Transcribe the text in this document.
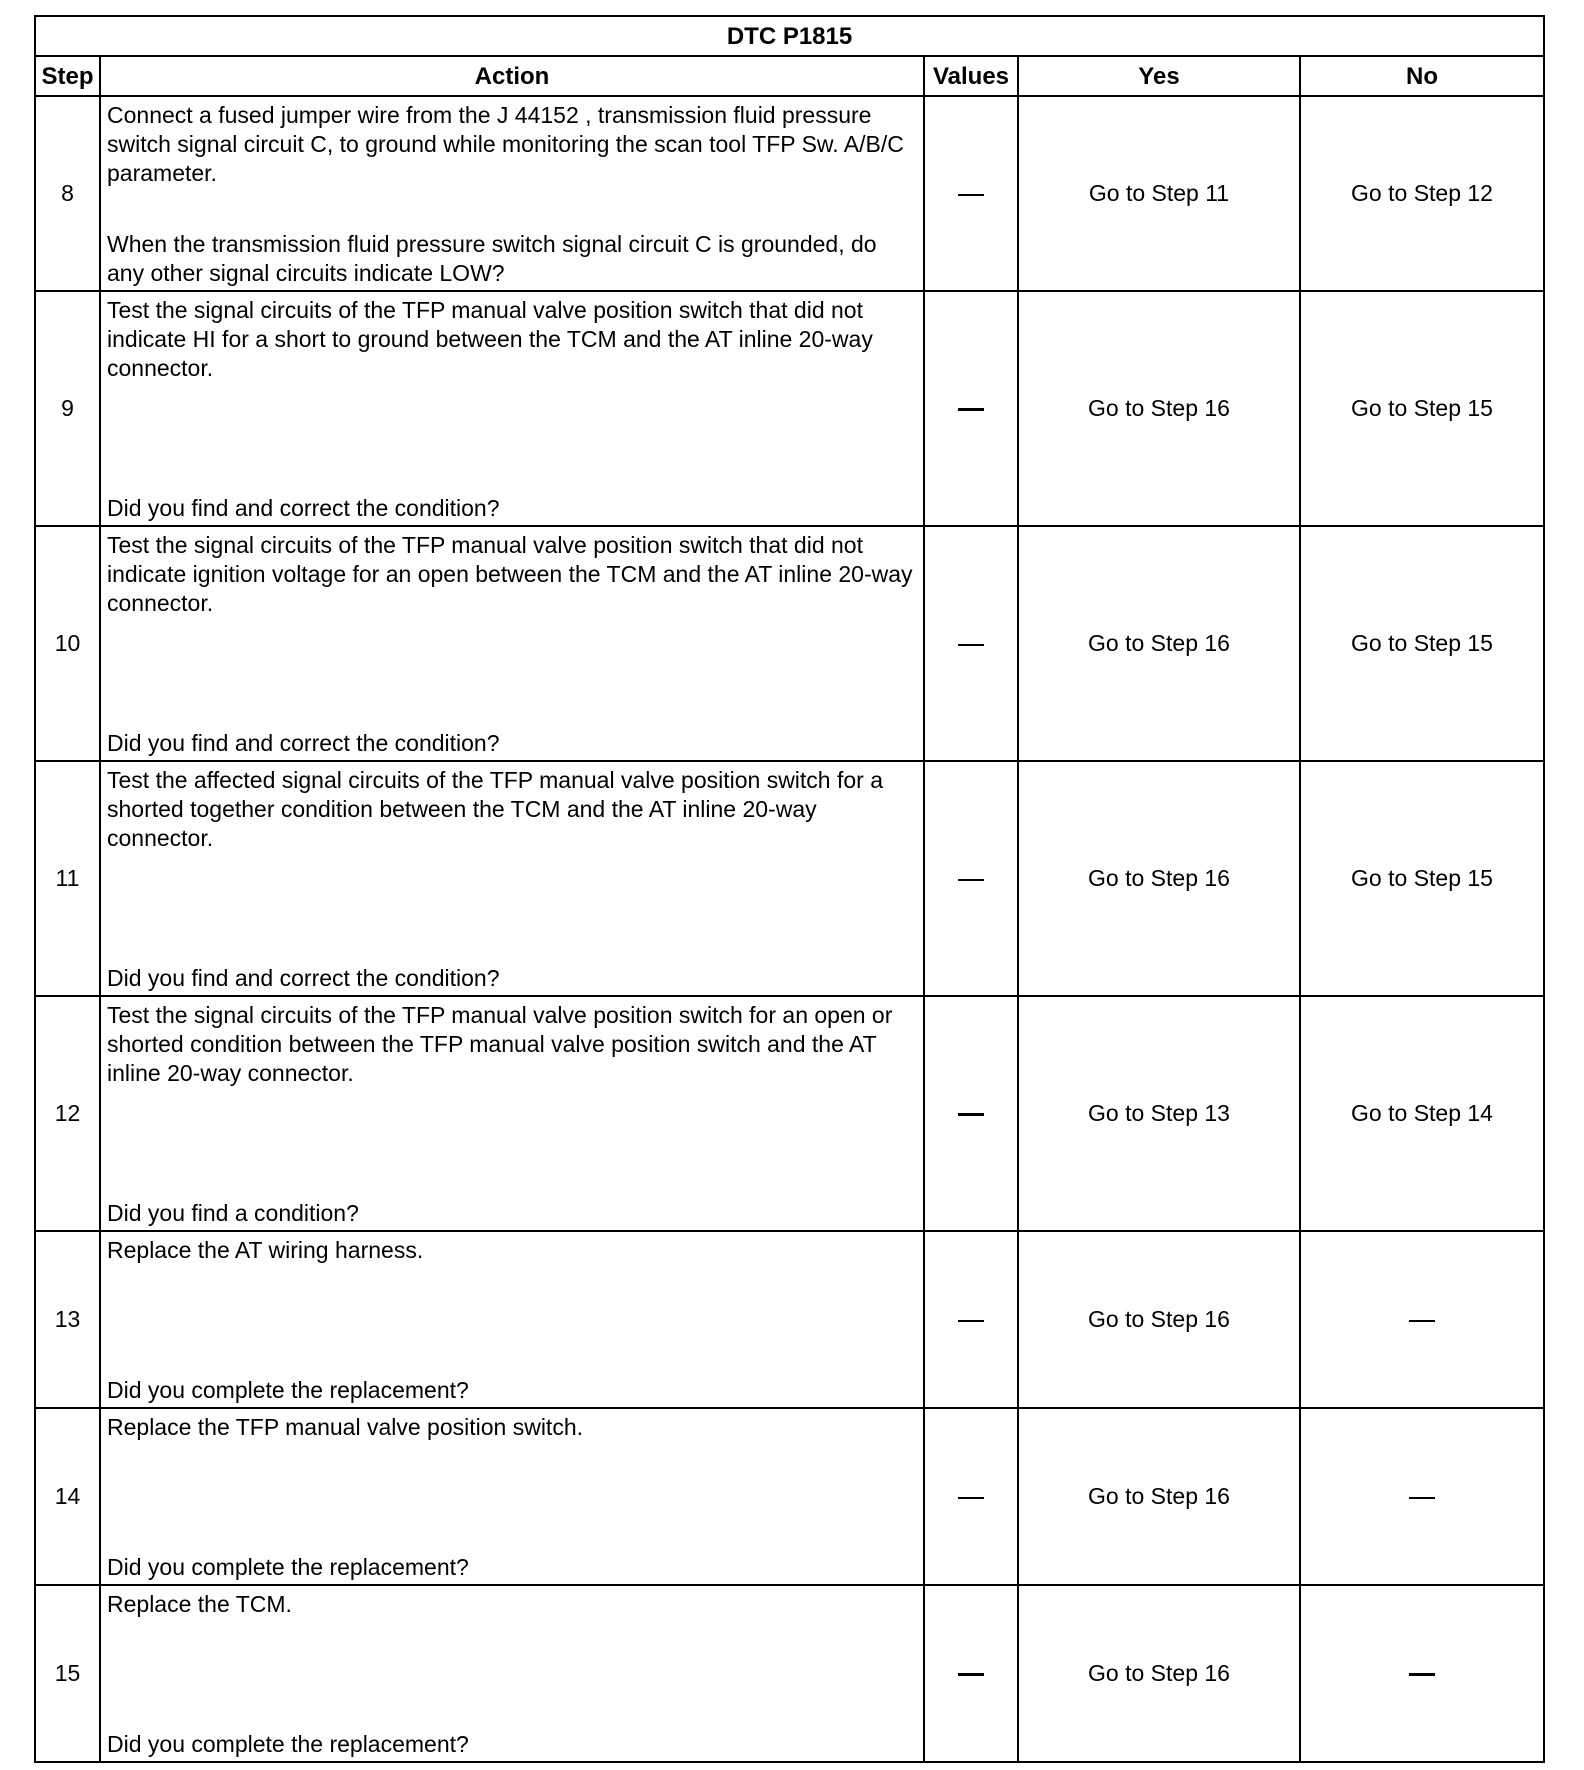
DTC P1815				
Step	Action	Values	Yes	No
8	Connect a fused jumper wire from the J 44152 , transmission fluid pressure switch signal circuit C, to ground while monitoring the scan tool TFP Sw. A/B/C parameter.

When the transmission fluid pressure switch signal circuit C is grounded, do any other signal circuits indicate LOW?		Go to Step 11	Go to Step 12
9	Test the signal circuits of the TFP manual valve position switch that did not indicate HI for a short to ground between the TCM and the AT inline 20-way connector.

Did you find and correct the condition?		Go to Step 16	Go to Step 15
10	Test the signal circuits of the TFP manual valve position switch that did not indicate ignition voltage for an open between the TCM and the AT inline 20-way connector.

Did you find and correct the condition?		Go to Step 16	Go to Step 15
11	Test the affected signal circuits of the TFP manual valve position switch for a shorted together condition between the TCM and the AT inline 20-way connector.

Did you find and correct the condition?		Go to Step 16	Go to Step 15
12	Test the signal circuits of the TFP manual valve position switch for an open or shorted condition between the TFP manual valve position switch and the AT inline 20-way connector.

Did you find a condition?		Go to Step 13	Go to Step 14
13	Replace the AT wiring harness.

Did you complete the replacement?		Go to Step 16	
14	Replace the TFP manual valve position switch.

Did you complete the replacement?		Go to Step 16	
15	Replace the TCM.

Did you complete the replacement?		Go to Step 16	
